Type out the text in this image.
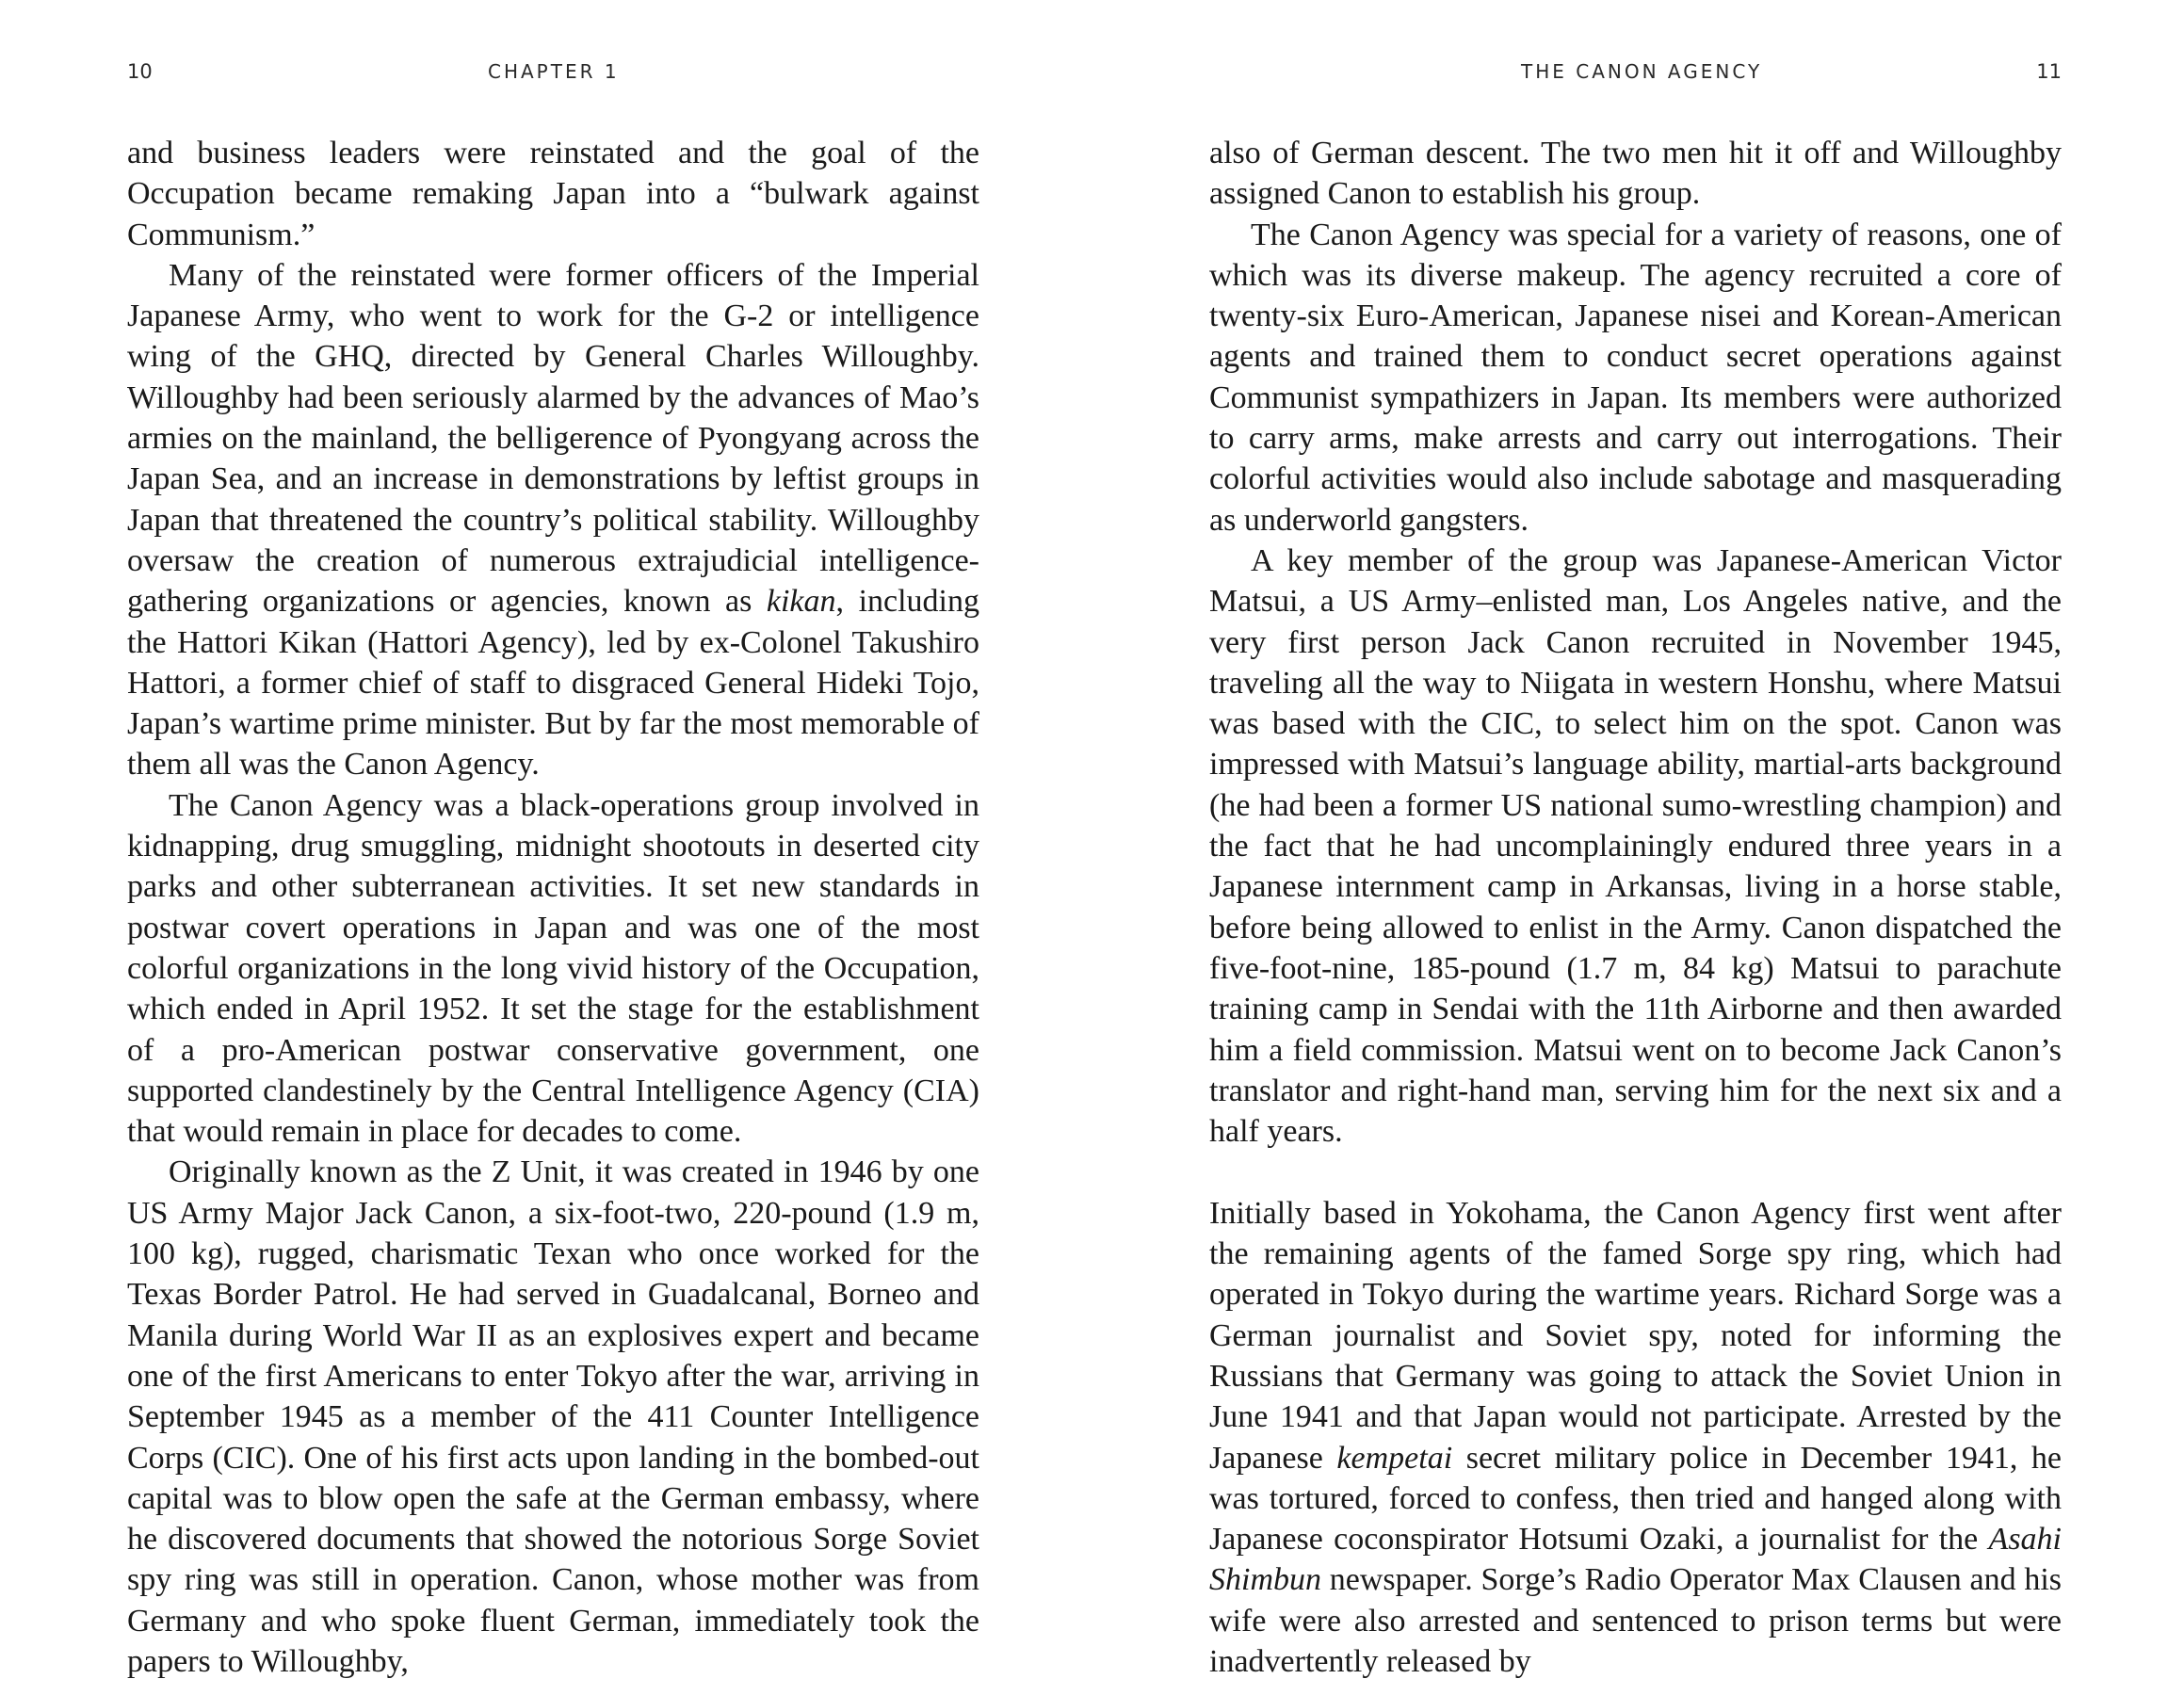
10	CHAPTER 1

and business leaders were reinstated and the goal of the Occupation became remaking Japan into a “bulwark against Communism.”

Many of the reinstated were former officers of the Imperial Japanese Army, who went to work for the G-2 or intelligence wing of the GHQ, directed by General Charles Willoughby. Willoughby had been seriously alarmed by the advances of Mao’s armies on the mainland, the belligerence of Pyongyang across the Japan Sea, and an increase in demonstrations by leftist groups in Japan that threatened the country’s political stability. Willoughby oversaw the creation of numerous extrajudicial intelligence-gathering organizations or agencies, known as kikan, including the Hattori Kikan (Hattori Agency), led by ex-Colonel Takushiro Hattori, a former chief of staff to disgraced General Hideki Tojo, Japan’s wartime prime minister. But by far the most memorable of them all was the Canon Agency.

The Canon Agency was a black-operations group involved in kidnapping, drug smuggling, midnight shootouts in deserted city parks and other subterranean activities. It set new standards in postwar covert operations in Japan and was one of the most colorful organizations in the long vivid history of the Occupation, which ended in April 1952. It set the stage for the establishment of a pro-American postwar conservative government, one supported clandestinely by the Central Intelligence Agency (CIA) that would remain in place for decades to come.

Originally known as the Z Unit, it was created in 1946 by one US Army Major Jack Canon, a six-foot-two, 220-pound (1.9 m, 100 kg), rugged, charismatic Texan who once worked for the Texas Border Patrol. He had served in Guadalcanal, Borneo and Manila during World War II as an explosives expert and became one of the first Americans to enter Tokyo after the war, arriving in September 1945 as a member of the 411 Counter Intelligence Corps (CIC). One of his first acts upon landing in the bombed-out capital was to blow open the safe at the German embassy, where he discovered documents that showed the notorious Sorge Soviet spy ring was still in operation. Canon, whose mother was from Germany and who spoke fluent German, immediately took the papers to Willoughby,

THE CANON AGENCY	11

also of German descent. The two men hit it off and Willoughby assigned Canon to establish his group.

The Canon Agency was special for a variety of reasons, one of which was its diverse makeup. The agency recruited a core of twenty-six Euro-American, Japanese nisei and Korean-American agents and trained them to conduct secret operations against Communist sympathizers in Japan. Its members were authorized to carry arms, make arrests and carry out interrogations. Their colorful activities would also include sabotage and masquerading as underworld gangsters.

A key member of the group was Japanese-American Victor Matsui, a US Army–enlisted man, Los Angeles native, and the very first person Jack Canon recruited in November 1945, traveling all the way to Niigata in western Honshu, where Matsui was based with the CIC, to select him on the spot. Canon was impressed with Matsui’s language ability, martial-arts background (he had been a former US national sumo-wrestling champion) and the fact that he had uncomplainingly endured three years in a Japanese internment camp in Arkansas, living in a horse stable, before being allowed to enlist in the Army. Canon dispatched the five-foot-nine, 185-pound (1.7 m, 84 kg) Matsui to parachute training camp in Sendai with the 11th Airborne and then awarded him a field commission. Matsui went on to become Jack Canon’s translator and right-hand man, serving him for the next six and a half years.

Initially based in Yokohama, the Canon Agency first went after the remaining agents of the famed Sorge spy ring, which had operated in Tokyo during the wartime years. Richard Sorge was a German journalist and Soviet spy, noted for informing the Russians that Germany was going to attack the Soviet Union in June 1941 and that Japan would not participate. Arrested by the Japanese kempetai secret military police in December 1941, he was tortured, forced to confess, then tried and hanged along with Japanese coconspirator Hotsumi Ozaki, a journalist for the Asahi Shimbun newspaper. Sorge’s Radio Operator Max Clausen and his wife were also arrested and sentenced to prison terms but were inadvertently released by
